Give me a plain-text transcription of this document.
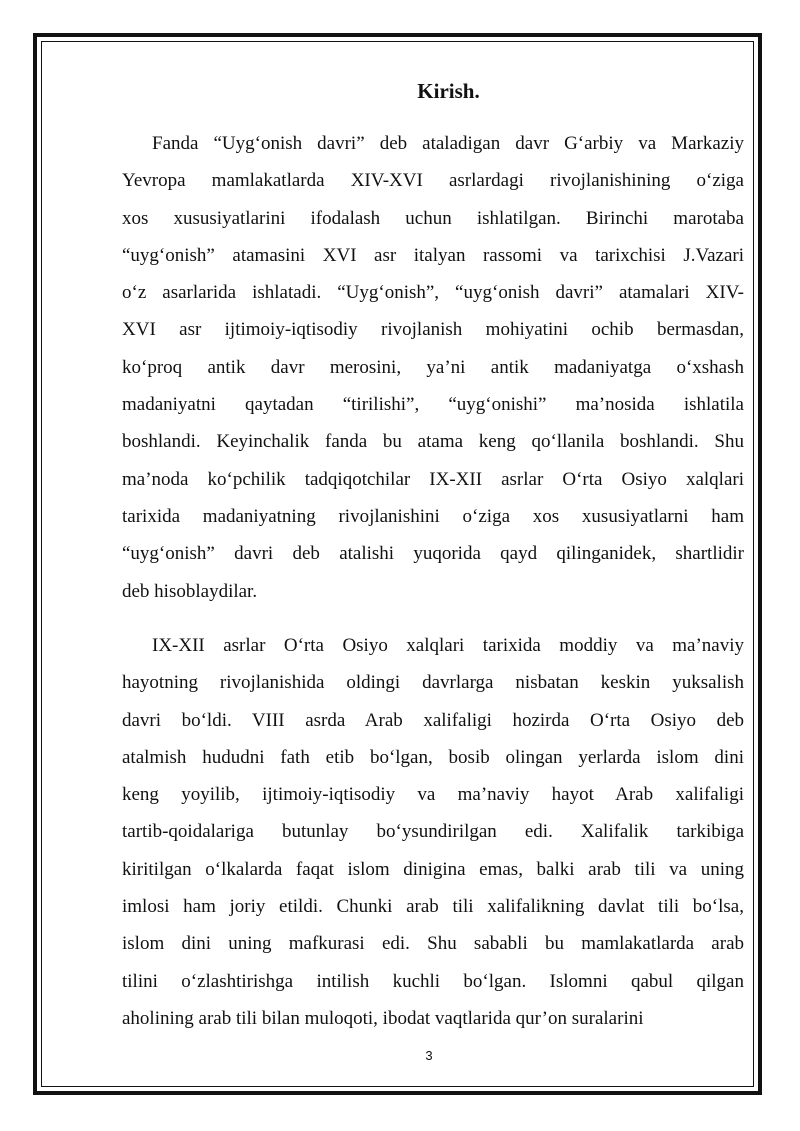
Kirish.
Fanda “Uyg‘onish davri” deb ataladigan davr G‘arbiy va Markaziy
Yevropa mamlakatlarda XIV-XVI asrlardagi rivojlanishining o‘ziga
xos xususiyatlarini ifodalash uchun ishlatilgan. Birinchi marotaba
“uyg‘onish” atamasini XVI asr italyan rassomi va tarixchisi J.Vazari
o‘z asarlarida ishlatadi. “Uyg‘onish”, “uyg‘onish davri” atamalari XIV-
XVI asr ijtimoiy-iqtisodiy rivojlanish mohiyatini ochib bermasdan,
ko‘proq antik davr merosini, ya’ni antik madaniyatga o‘xshash
madaniyatni qaytadan “tirilishi”, “uyg‘onishi” ma’nosida ishlatila
boshlandi. Keyinchalik fanda bu atama keng qo‘llanila boshlandi. Shu
ma’noda ko‘pchilik tadqiqotchilar IX-XII asrlar O‘rta Osiyo xalqlari
tarixida madaniyatning rivojlanishini o‘ziga xos xususiyatlarni ham
“uyg‘onish” davri deb atalishi yuqorida qayd qilinganidek, shartlidir
deb hisoblaydilar.
IX-XII asrlar O‘rta Osiyo xalqlari tarixida moddiy va ma’naviy
hayotning rivojlanishida oldingi davrlarga nisbatan keskin yuksalish
davri bo‘ldi. VIII asrda Arab xalifaligi hozirda O‘rta Osiyo deb
atalmish hududni fath etib bo‘lgan, bosib olingan yerlarda islom dini
keng yoyilib, ijtimoiy-iqtisodiy va ma’naviy hayot Arab xalifaligi
tartib-qoidalariga butunlay bo‘ysundirilgan edi. Xalifalik tarkibiga
kiritilgan o‘lkalarda faqat islom dinigina emas, balki arab tili va uning
imlosi ham joriy etildi. Chunki arab tili xalifalikning davlat tili bo‘lsa,
islom dini uning mafkurasi edi. Shu sababli bu mamlakatlarda arab
tilini o‘zlashtirishga intilish kuchli bo‘lgan. Islomni qabul qilgan
aholining arab tili bilan muloqoti, ibodat vaqtlarida qur’on suralarini
3
